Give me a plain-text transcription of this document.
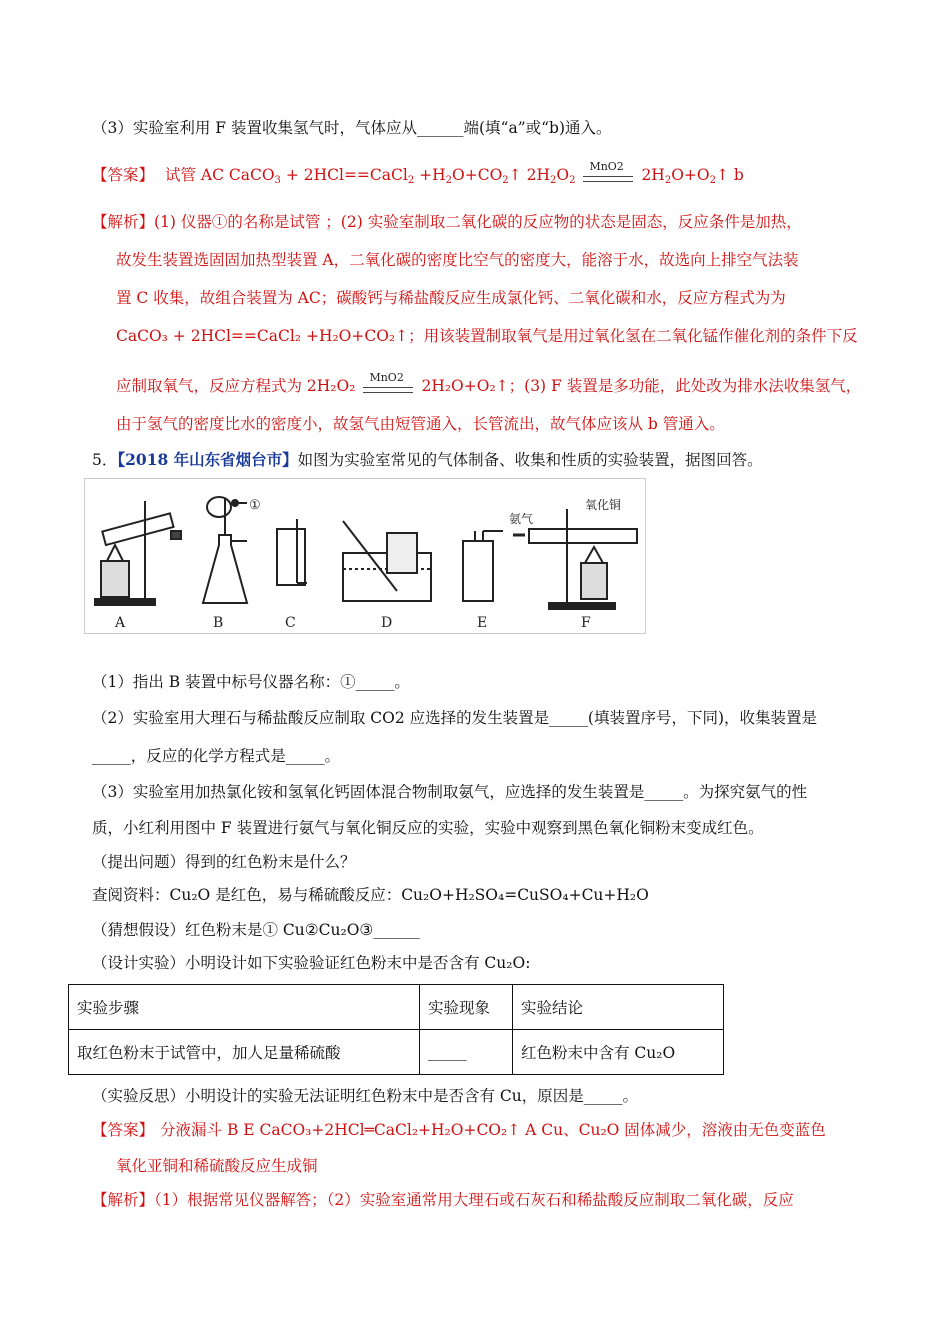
（3）实验室利用 F 装置收集氢气时，气体应从______端(填“a”或“b)通入。
【答案】 试管 AC CaCO$_3$ + 2HCl==CaCl$_2$ $+H_2O+CO_2↑$ $2H_2O_2$
MnO2 $2H_2O+O_2↑$ b
【解析】(1) 仪器①的名称是试管 ；(2) 实验室制取二氧化碳的反应物的状态是固态，反应条件是加热，
故发生装置选固固加热型装置 A，二氧化碳的密度比空气的密度大，能溶于水，故选向上排空气法装
置 C 收集，故组合装置为 AC；碳酸钙与稀盐酸反应生成氯化钙、二氧化碳和水，反应方程式为为
CaCO₃ + 2HCl==CaCl₂ +H₂O+CO₂↑；用该装置制取氧气是用过氧化氢在二氧化锰作催化剂的条件下反
应制取氧气，反应方程式为 2H₂O₂ MnO2 2H₂O+O₂↑；(3) F 装置是多功能，此处改为排水法收集氢气，
由于氢气的密度比水的密度小，故氢气由短管通入，长管流出，故气体应该从 b 管通入。
5．【2018 年山东省烟台市】如图为实验室常见的气体制备、收集和性质的实验装置，据图回答。
A	B	C	D	E	F
①
氨气
氧化铜
（1）指出 B 装置中标号仪器名称：①_____。
（2）实验室用大理石与稀盐酸反应制取 CO2 应选择的发生装置是_____(填装置序号，下同)，收集装置是
_____，反应的化学方程式是_____。
（3）实验室用加热氯化铵和氢氧化钙固体混合物制取氨气，应选择的发生装置是_____。为探究氨气的性
质，小红利用图中 F 装置进行氨气与氧化铜反应的实验，实验中观察到黑色氧化铜粉末变成红色。
（提出问题）得到的红色粉末是什么？
查阅资料：Cu₂O 是红色，易与稀硫酸反应：Cu₂O+H₂SO₄=CuSO₄+Cu+H₂O
（猜想假设）红色粉末是① Cu②Cu₂O③______
（设计实验）小明设计如下实验验证红色粉末中是否含有 Cu₂O:
实验步骤	实验现象	实验结论
取红色粉末于试管中，加人足量稀硫酸	_____	红色粉末中含有 Cu₂O
（实验反思）小明设计的实验无法证明红色粉末中是否含有 Cu，原因是_____。
【答案】 分液漏斗 B E CaCO₃+2HCl═CaCl₂+H₂O+CO₂↑ A Cu、Cu₂O 固体减少，溶液由无色变蓝色
氧化亚铜和稀硫酸反应生成铜
【解析】（1）根据常见仪器解答；（2）实验室通常用大理石或石灰石和稀盐酸反应制取二氧化碳，反应
